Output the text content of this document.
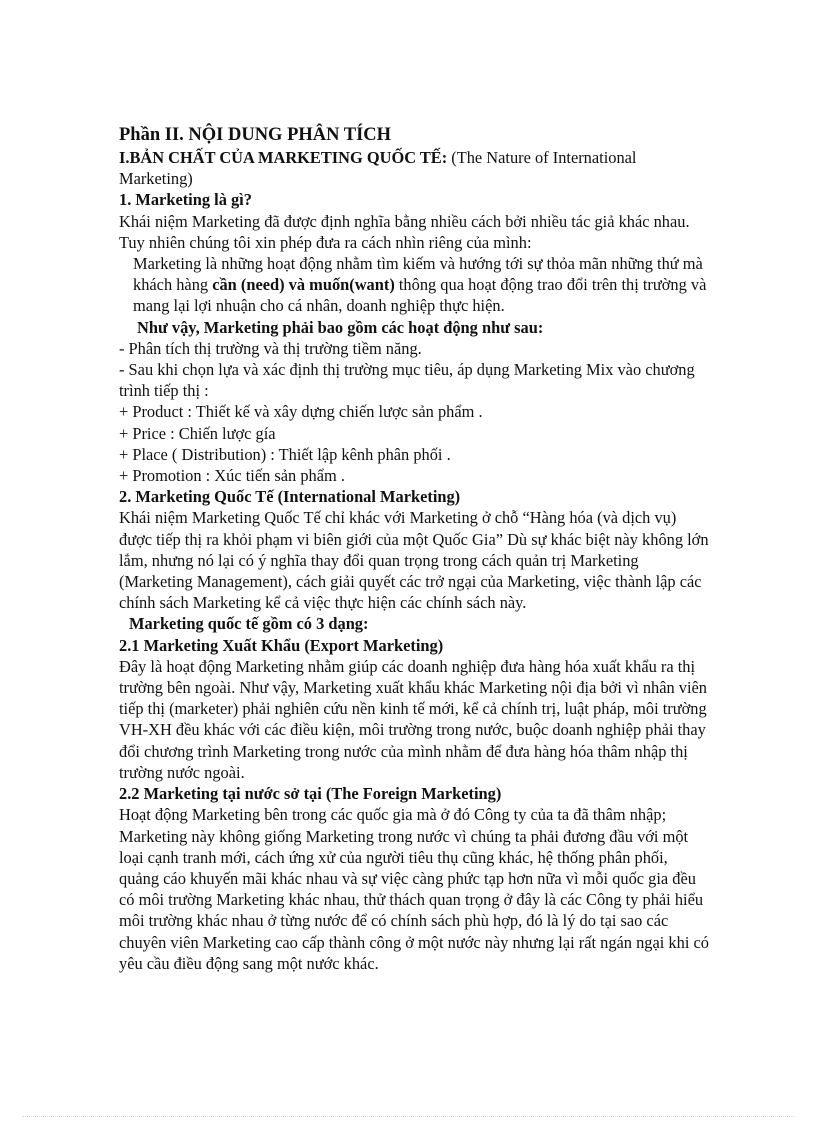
Phần II. NỘI DUNG PHÂN TÍCH

I.BẢN CHẤT CỦA MARKETING QUỐC TẾ: (The Nature of International Marketing)

1. Marketing là gì?

Khái niệm Marketing đã được định nghĩa bằng nhiều cách bởi nhiều tác giả khác nhau. Tuy nhiên chúng tôi xin phép đưa ra cách nhìn riêng của mình:

Marketing là những hoạt động nhằm tìm kiếm và hướng tới sự thỏa mãn những thứ mà khách hàng cần (need) và muốn(want) thông qua hoạt động trao đổi trên thị trường và mang lại lợi nhuận cho cá nhân, doanh nghiệp thực hiện.

Như vậy, Marketing phải bao gồm các hoạt động như sau:

- Phân tích thị trường và thị trường tiềm năng.

- Sau khi chọn lựa và xác định thị trường mục tiêu, áp dụng Marketing Mix vào chương trình tiếp thị :

+ Product : Thiết kế và xây dựng chiến lược sản phẩm .

+ Price : Chiến lược gía

+ Place ( Distribution) : Thiết lập kênh phân phối .

+ Promotion : Xúc tiến sản phẩm .

2. Marketing Quốc Tế (International Marketing)

Khái niệm Marketing Quốc Tế chỉ khác với Marketing ở chỗ “Hàng hóa (và dịch vụ) được tiếp thị ra khỏi phạm vi biên giới của một Quốc Gia” Dù sự khác biệt này không lớn lắm, nhưng nó lại có ý nghĩa thay đổi quan trọng trong cách quản trị Marketing (Marketing Management), cách giải quyết các trở ngại của Marketing, việc thành lập các chính sách Marketing kể cả việc thực hiện các chính sách này.

Marketing quốc tế gồm có 3 dạng:

2.1 Marketing Xuất Khẩu (Export Marketing)

Đây là hoạt động Marketing nhằm giúp các doanh nghiệp đưa hàng hóa xuất khẩu ra thị trường bên ngoài. Như vậy, Marketing xuất khẩu khác Marketing nội địa bởi vì nhân viên tiếp thị (marketer) phải nghiên cứu nền kinh tế mới, kể cả chính trị, luật pháp, môi trường VH-XH đều khác với các điều kiện, môi trường trong nước, buộc doanh nghiệp phải thay đổi chương trình Marketing trong nước của mình nhằm để đưa hàng hóa thâm nhập thị trường nước ngoài.

2.2 Marketing tại nước sở tại (The Foreign Marketing)

Hoạt động Marketing bên trong các quốc gia mà ở đó Công ty của ta đã thâm nhập; Marketing này không giống Marketing trong nước vì chúng ta phải đương đầu với một loại cạnh tranh mới, cách ứng xử của người tiêu thụ cũng khác, hệ thống phân phối, quảng cáo khuyến mãi khác nhau và sự việc càng phức tạp hơn nữa vì mỗi quốc gia đều có môi trường Marketing khác nhau, thử thách quan trọng ở đây là các Công ty phải hiểu môi trường khác nhau ở từng nước để có chính sách phù hợp, đó là lý do tại sao các chuyên viên Marketing cao cấp thành công ở một nước này nhưng lại rất ngán ngại khi có yêu cầu điều động sang một nước khác.
